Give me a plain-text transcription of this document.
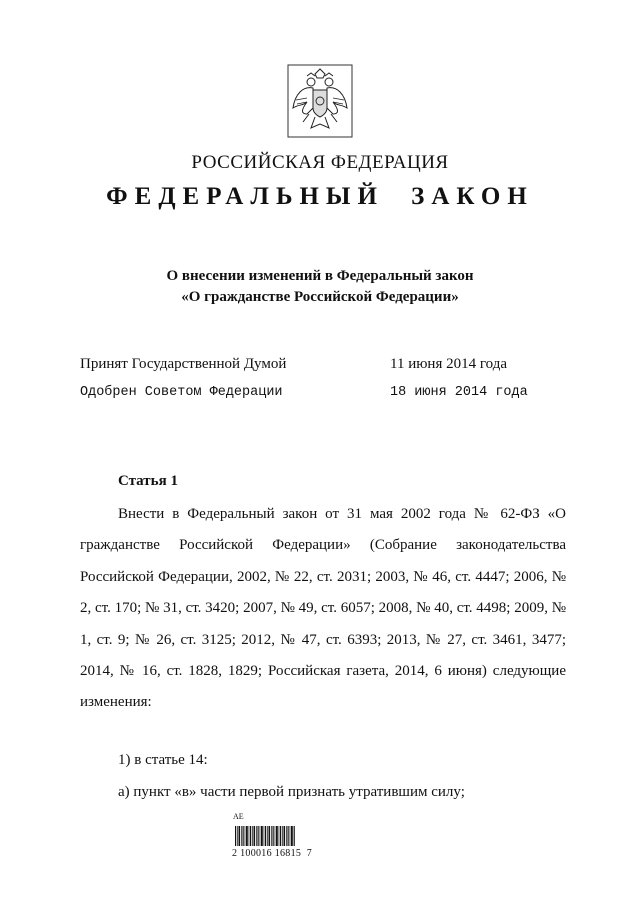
РОССИЙСКАЯ ФЕДЕРАЦИЯ
ФЕДЕРАЛЬНЫЙ ЗАКОН
О внесении изменений в Федеральный закон
«О гражданстве Российской Федерации»
Принят Государственной Думой	11 июня 2014 года
Одобрен Советом Федерации	18 июня 2014 года
Статья 1

Внести в Федеральный закон от 31 мая 2002 года № 62-ФЗ «О гражданстве Российской Федерации» (Собрание законодательства Российской Федерации, 2002, № 22, ст. 2031; 2003, № 46, ст. 4447; 2006, № 2, ст. 170; № 31, ст. 3420; 2007, № 49, ст. 6057; 2008, № 40, ст. 4498; 2009, № 1, ст. 9; № 26, ст. 3125; 2012, № 47, ст. 6393; 2013, № 27, ст. 3461, 3477; 2014, № 16, ст. 1828, 1829; Российская газета, 2014, 6 июня) следующие изменения:

1) в статье 14:
а) пункт «в» части первой признать утратившим силу;
АЕ
2 100016 16815  7
